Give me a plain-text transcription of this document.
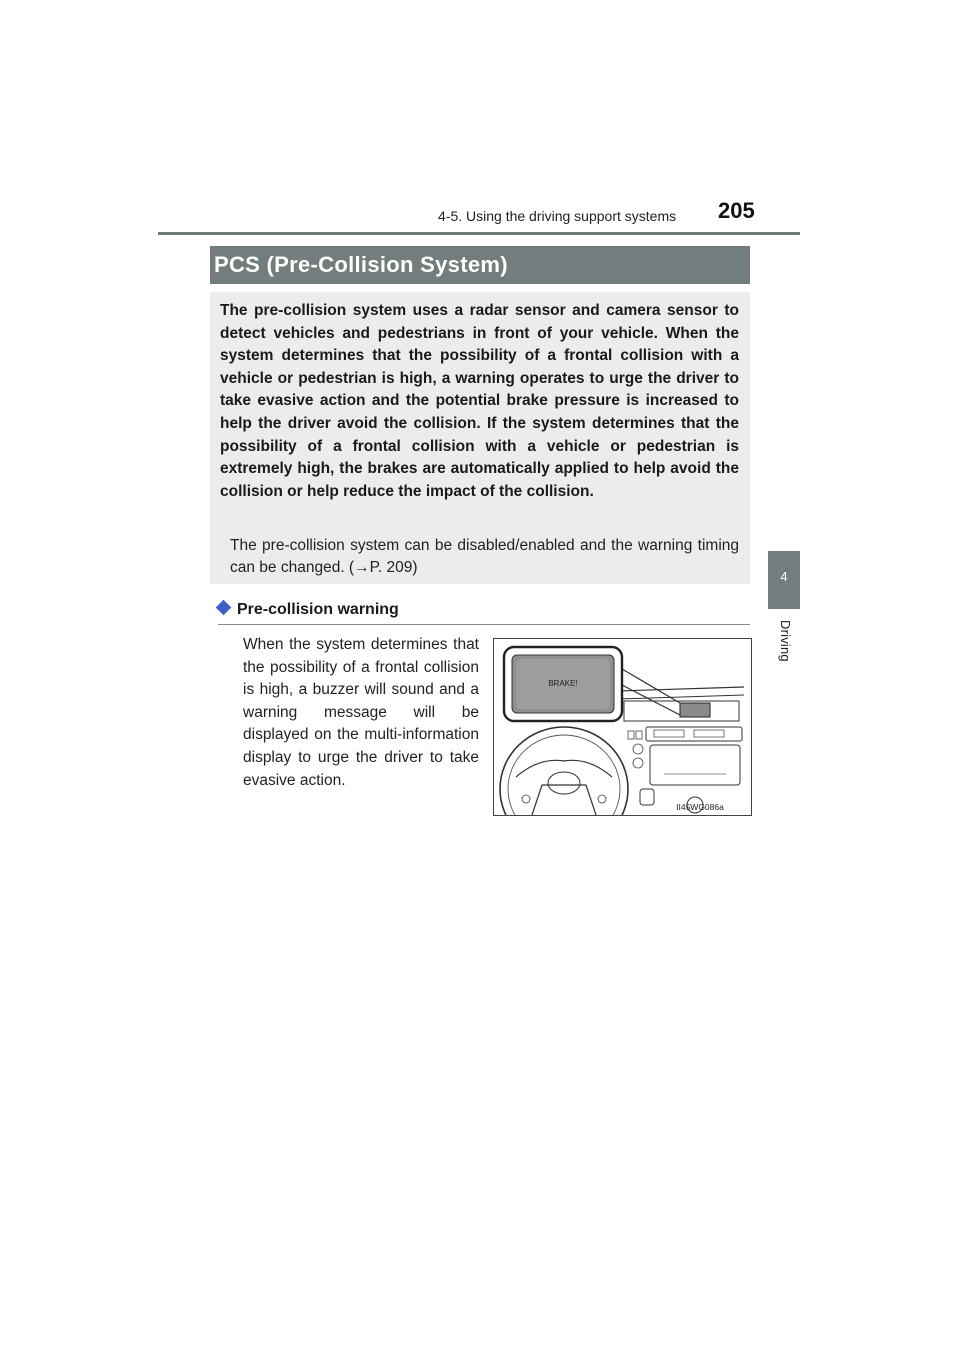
4-5. Using the driving support systems 205
PCS (Pre-Collision System)
The pre-collision system uses a radar sensor and camera sensor to detect vehicles and pedestrians in front of your vehicle. When the system determines that the possibility of a frontal collision with a vehicle or pedestrian is high, a warning operates to urge the driver to take evasive action and the potential brake pressure is increased to help the driver avoid the collision. If the system determines that the possibility of a frontal collision with a vehicle or pedestrian is extremely high, the brakes are automatically applied to help avoid the collision or help reduce the impact of the collision.
The pre-collision system can be disabled/enabled and the warning timing can be changed. (→P. 209)
4
Driving
Pre-collision warning
When the system determines that the possibility of a frontal collision is high, a buzzer will sound and a warning message will be displayed on the multi-information display to urge the driver to take evasive action.
BRAKE!
II45WG086a
